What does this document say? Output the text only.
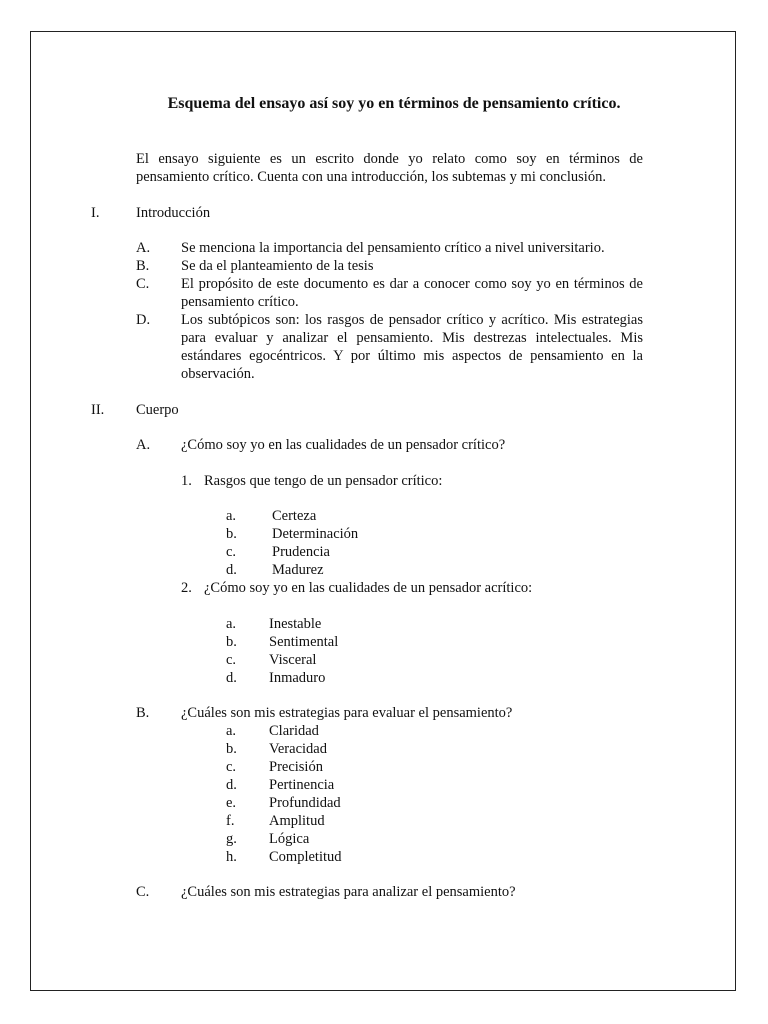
Esquema del ensayo así soy yo en términos de pensamiento crítico.
El ensayo siguiente es un escrito donde yo relato como soy en términos de pensamiento crítico. Cuenta con una introducción, los subtemas y mi conclusión.
I.	Introducción
A. Se menciona la importancia del pensamiento crítico a nivel universitario.
B. Se da el planteamiento de la tesis
C. El propósito de este documento es dar a conocer como soy yo en términos de pensamiento crítico.
D. Los subtópicos son: los rasgos de pensador crítico y acrítico. Mis estrategias para evaluar y analizar el pensamiento. Mis destrezas intelectuales. Mis estándares egocéntricos. Y por último mis aspectos de pensamiento en la observación.
II. Cuerpo
A. ¿Cómo soy yo en las cualidades de un pensador crítico?
1. Rasgos que tengo de un pensador crítico:
a. Certeza
b. Determinación
c. Prudencia
d. Madurez
2. ¿Cómo soy yo en las cualidades de un pensador acrítico:
a. Inestable
b. Sentimental
c. Visceral
d. Inmaduro
B. ¿Cuáles son mis estrategias para evaluar el pensamiento?
a. Claridad
b. Veracidad
c. Precisión
d. Pertinencia
e. Profundidad
f. Amplitud
g. Lógica
h. Completitud
C. ¿Cuáles son mis estrategias para analizar el pensamiento?
